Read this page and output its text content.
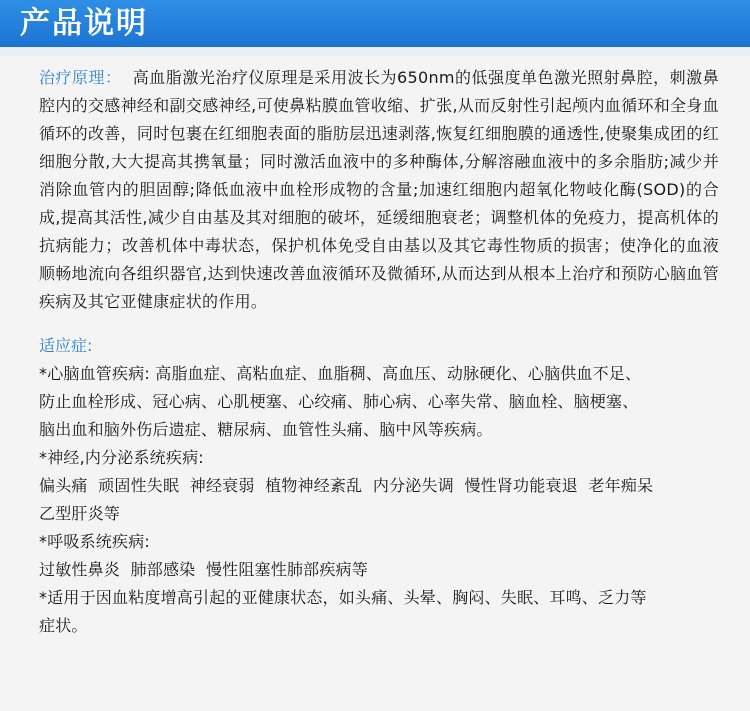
产品说明

治疗原理：  高血脂激光治疗仪原理是采用波长为650nm的低强度单色激光照射鼻腔，刺激鼻腔内的交感神经和副交感神经,可使鼻粘膜血管收缩、扩张,从而反射性引起颅内血循环和全身血循环的改善，同时包裹在红细胞表面的脂肪层迅速剥落,恢复红细胞膜的通透性,使聚集成团的红细胞分散,大大提高其携氧量；同时激活血液中的多种酶体,分解溶融血液中的多余脂肪;减少并消除血管内的胆固醇;降低血液中血栓形成物的含量;加速红细胞内超氧化物岐化酶(SOD)的合成,提高其活性,减少自由基及其对细胞的破坏，延缓细胞衰老；调整机体的免疫力，提高机体的抗病能力；改善机体中毒状态，保护机体免受自由基以及其它毒性物质的损害；使净化的血液顺畅地流向各组织器官,达到快速改善血液循环及微循环,从而达到从根本上治疗和预防心脑血管疾病及其它亚健康症状的作用。

适应症:

*心脑血管疾病: 高脂血症、高粘血症、血脂稠、高血压、动脉硬化、心脑供血不足、

防止血栓形成、冠心病、心肌梗塞、心绞痛、肺心病、心率失常、脑血栓、脑梗塞、

脑出血和脑外伤后遗症、糖尿病、血管性头痛、脑中风等疾病。

*神经,内分泌系统疾病:

偏头痛  顽固性失眠  神经衰弱  植物神经紊乱  内分泌失调  慢性肾功能衰退  老年痴呆

乙型肝炎等

*呼吸系统疾病:

过敏性鼻炎  肺部感染  慢性阻塞性肺部疾病等

*适用于因血粘度增高引起的亚健康状态，如头痛、头晕、胸闷、失眠、耳鸣、乏力等

症状。
